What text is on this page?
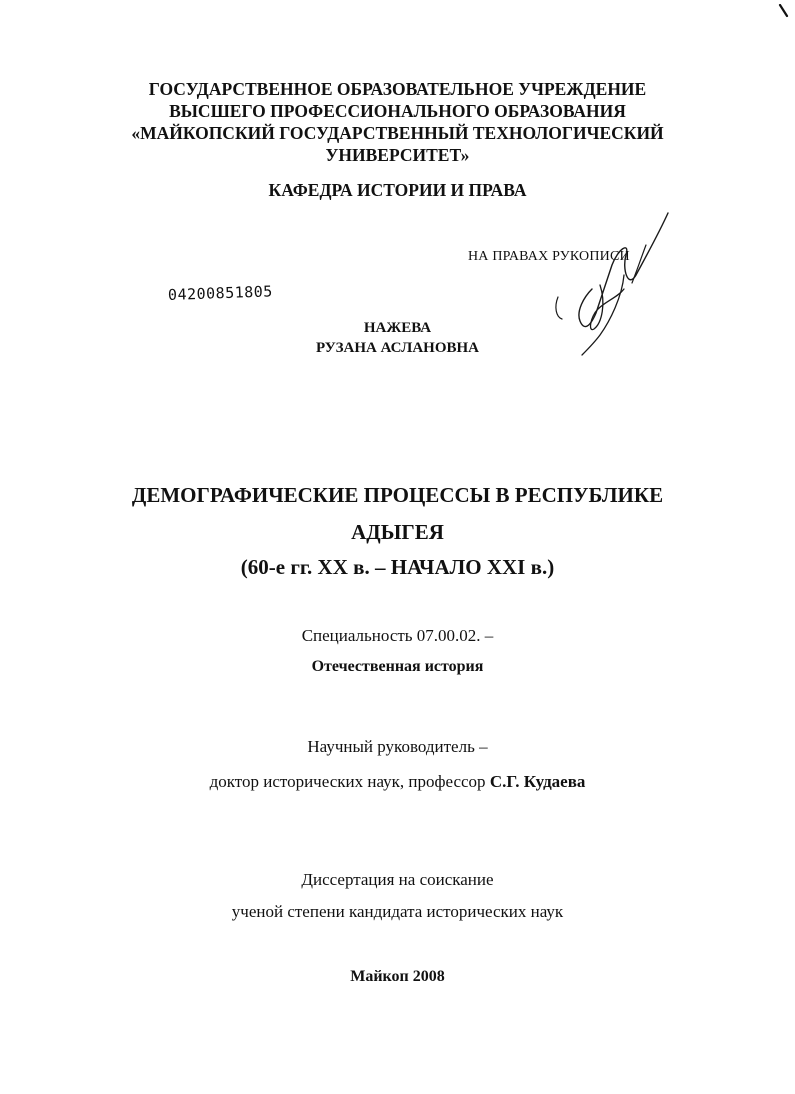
ГОСУДАРСТВЕННОЕ ОБРАЗОВАТЕЛЬНОЕ УЧРЕЖДЕНИЕ
ВЫСШЕГО ПРОФЕССИОНАЛЬНОГО ОБРАЗОВАНИЯ
«МАЙКОПСКИЙ ГОСУДАРСТВЕННЫЙ ТЕХНОЛОГИЧЕСКИЙ
УНИВЕРСИТЕТ»
КАФЕДРА ИСТОРИИ И ПРАВА
НА ПРАВАХ РУКОПИСИ
04200851805
НАЖЕВА
РУЗАНА АСЛАНОВНА
ДЕМОГРАФИЧЕСКИЕ ПРОЦЕССЫ В РЕСПУБЛИКЕ
АДЫГЕЯ
(60-е гг. XX в. – НАЧАЛО XXI в.)
Специальность 07.00.02. –
Отечественная история
Научный руководитель –
доктор исторических наук, профессор С.Г. Кудаева
Диссертация на соискание
ученой степени кандидата исторических наук
Майкоп 2008
